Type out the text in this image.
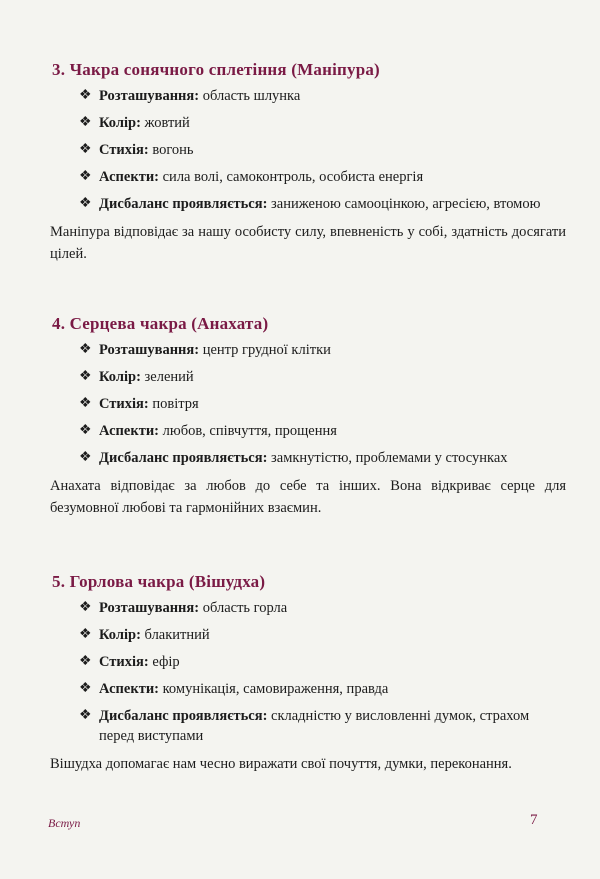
3. Чакра сонячного сплетіння (Маніпура)
❖ Розташування: область шлунка
❖ Колір: жовтий
❖ Стихія: вогонь
❖ Аспекти: сила волі, самоконтроль, особиста енергія
❖ Дисбаланс проявляється: заниженою самооцінкою, агресією, втомою

Маніпура відповідає за нашу особисту силу, впевненість у собі, здатність досягати цілей.

4. Серцева чакра (Анахата)
❖ Розташування: центр грудної клітки
❖ Колір: зелений
❖ Стихія: повітря
❖ Аспекти: любов, співчуття, прощення
❖ Дисбаланс проявляється: замкнутістю, проблемами у стосунках

Анахата відповідає за любов до себе та інших. Вона відкриває серце для безумовної любові та гармонійних взаємин.

5. Горлова чакра (Вішудха)
❖ Розташування: область горла
❖ Колір: блакитний
❖ Стихія: ефір
❖ Аспекти: комунікація, самовираження, правда
❖ Дисбаланс проявляється: складністю у висловленні думок, страхом перед виступами

Вішудха допомагає нам чесно виражати свої почуття, думки, переконання.

Вступ	7
